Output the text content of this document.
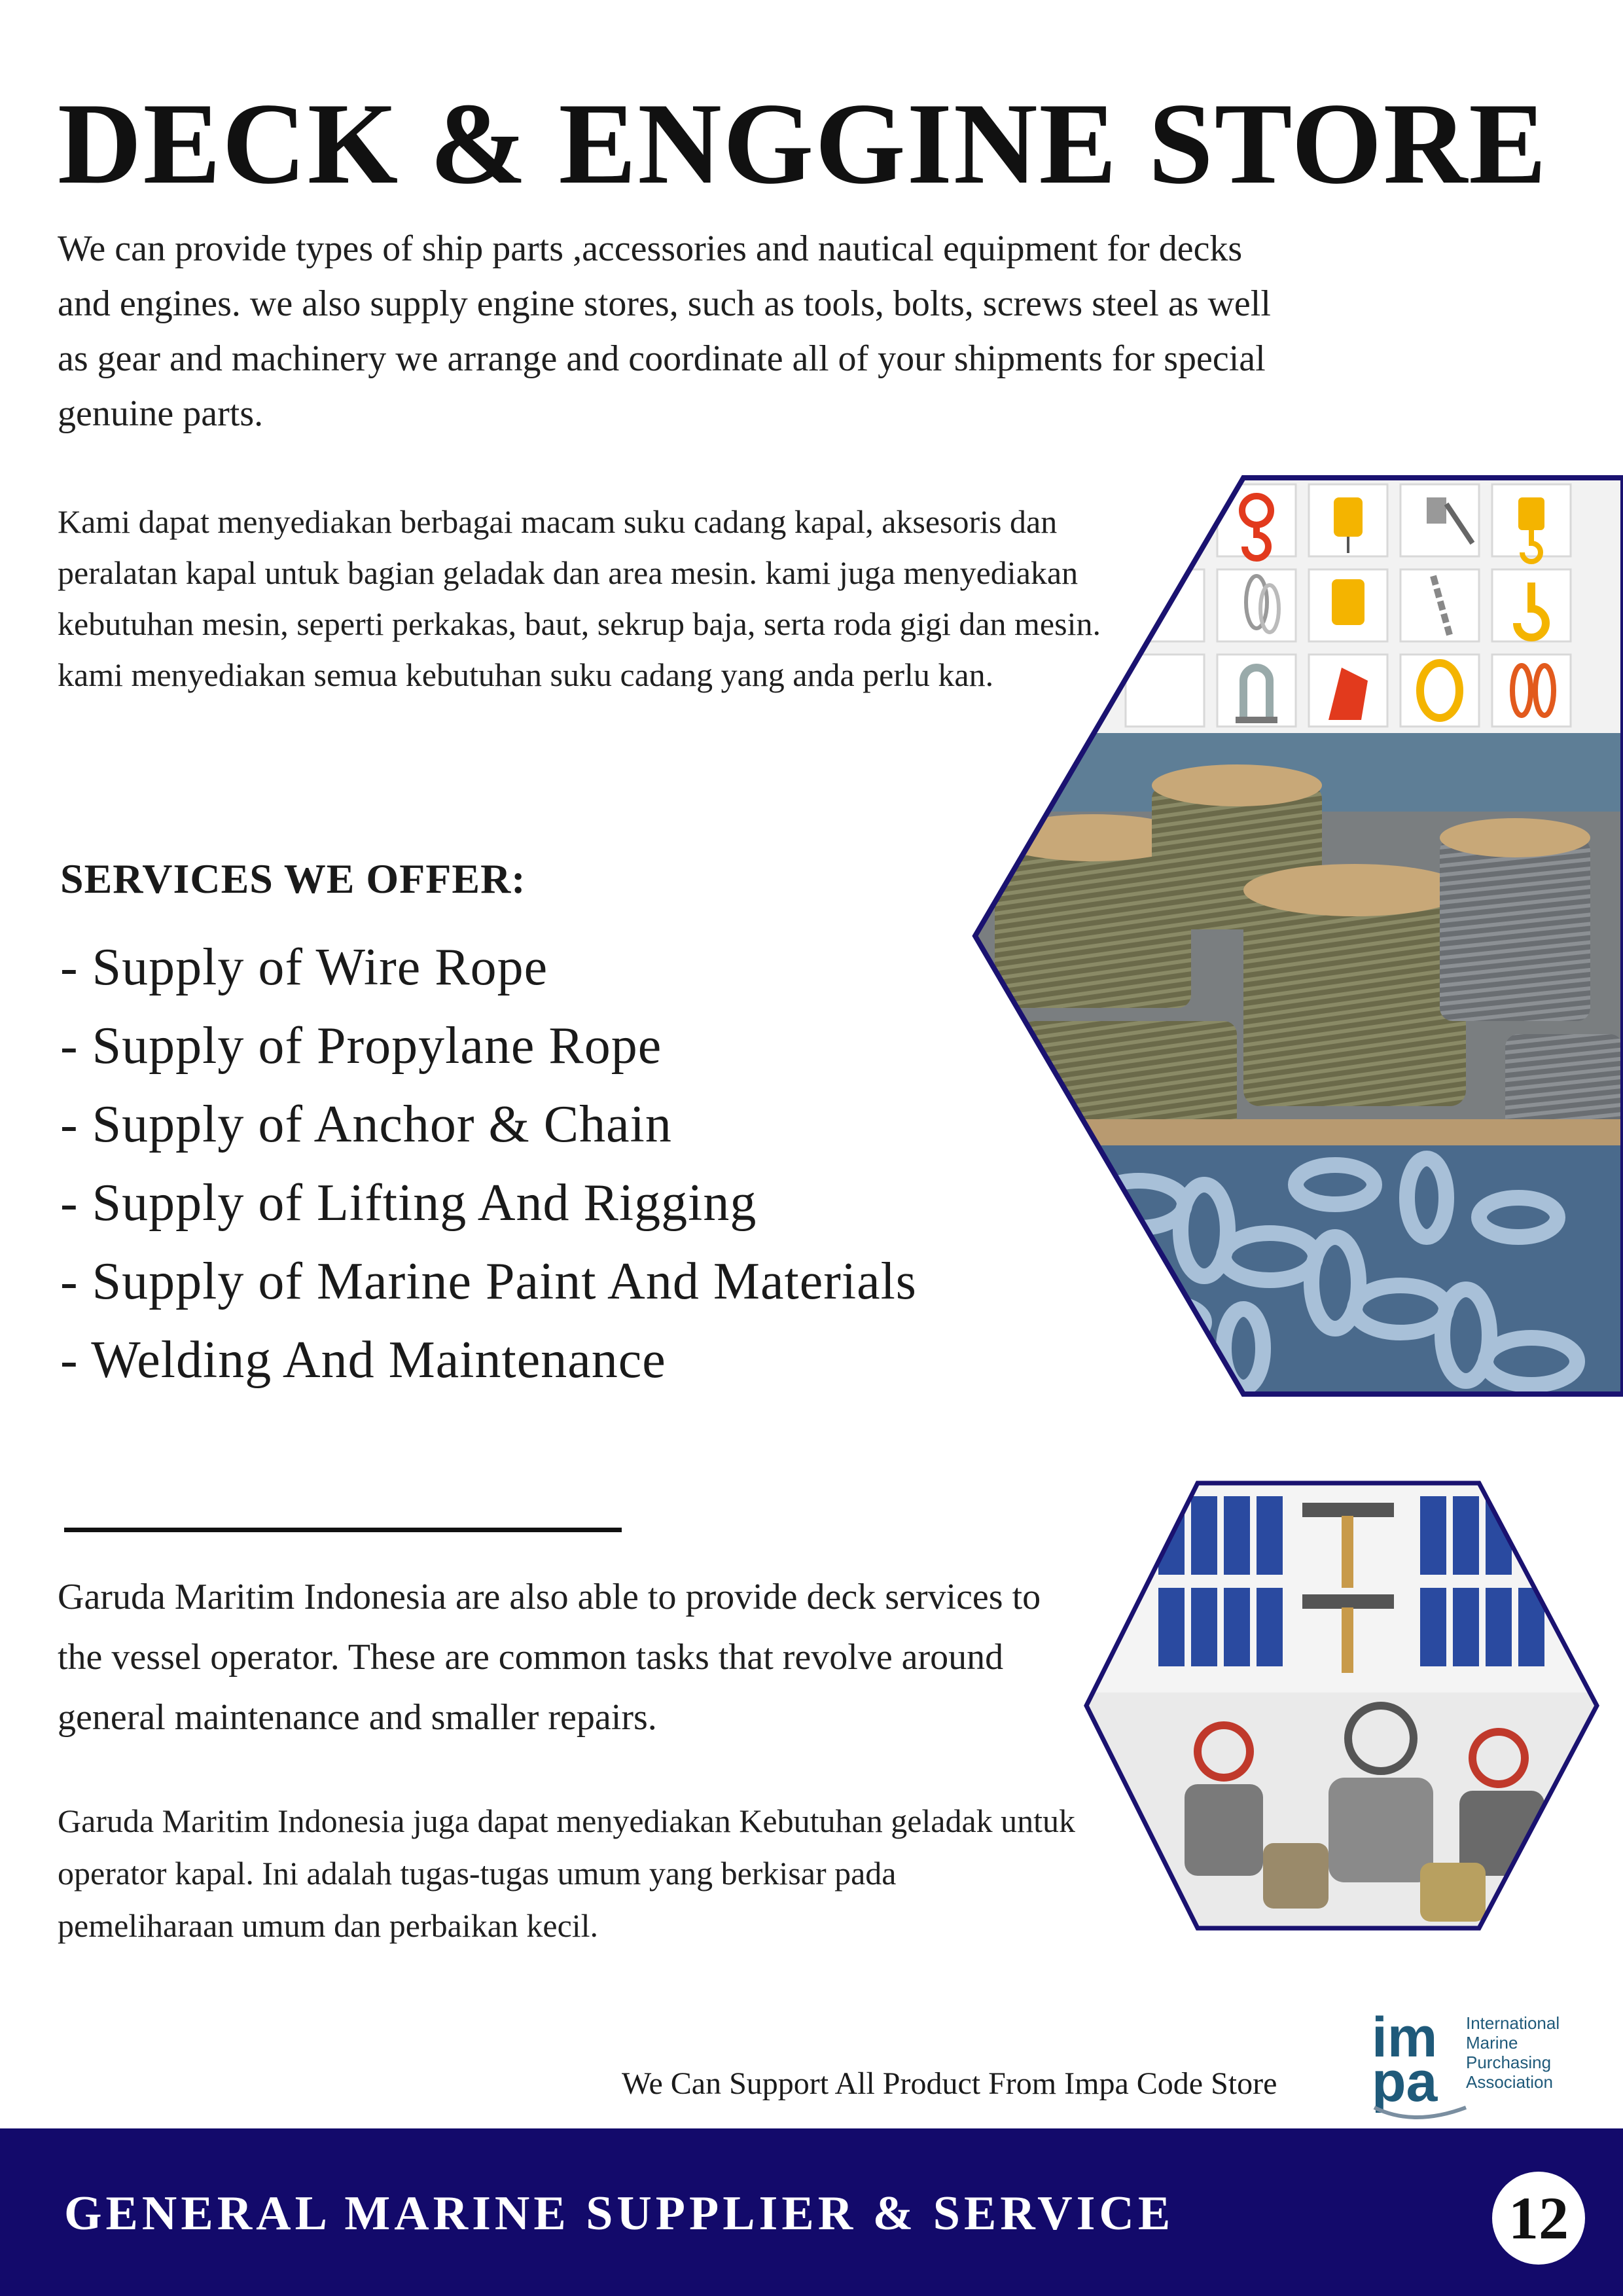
DECK & ENGGINE STORE

We can provide types of ship parts ,accessories and nautical equipment for decks and engines. we also supply engine stores, such as tools, bolts, screws steel as well as gear and machinery we arrange and coordinate all of your shipments for special genuine parts.

Kami dapat menyediakan berbagai macam suku cadang kapal, aksesoris dan peralatan kapal untuk bagian geladak dan area mesin. kami juga menyediakan kebutuhan mesin, seperti perkakas, baut, sekrup baja, serta roda gigi dan mesin. kami menyediakan semua kebutuhan suku cadang yang anda perlu kan.

SERVICES WE OFFER:
- Supply of Wire Rope
- Supply of Propylane Rope
- Supply of Anchor & Chain
- Supply of Lifting And Rigging
- Supply of Marine Paint And Materials
- Welding And Maintenance

Garuda Maritim Indonesia are also able to provide deck services to the vessel operator. These are common tasks that revolve around general maintenance and smaller repairs.

Garuda Maritim Indonesia juga dapat menyediakan Kebutuhan geladak untuk operator kapal. Ini adalah tugas-tugas umum yang berkisar pada pemeliharaan umum dan perbaikan kecil.

We Can Support All Product From Impa Code Store

im
pa
International
Marine
Purchasing
Association

GENERAL MARINE SUPPLIER & SERVICE	12
